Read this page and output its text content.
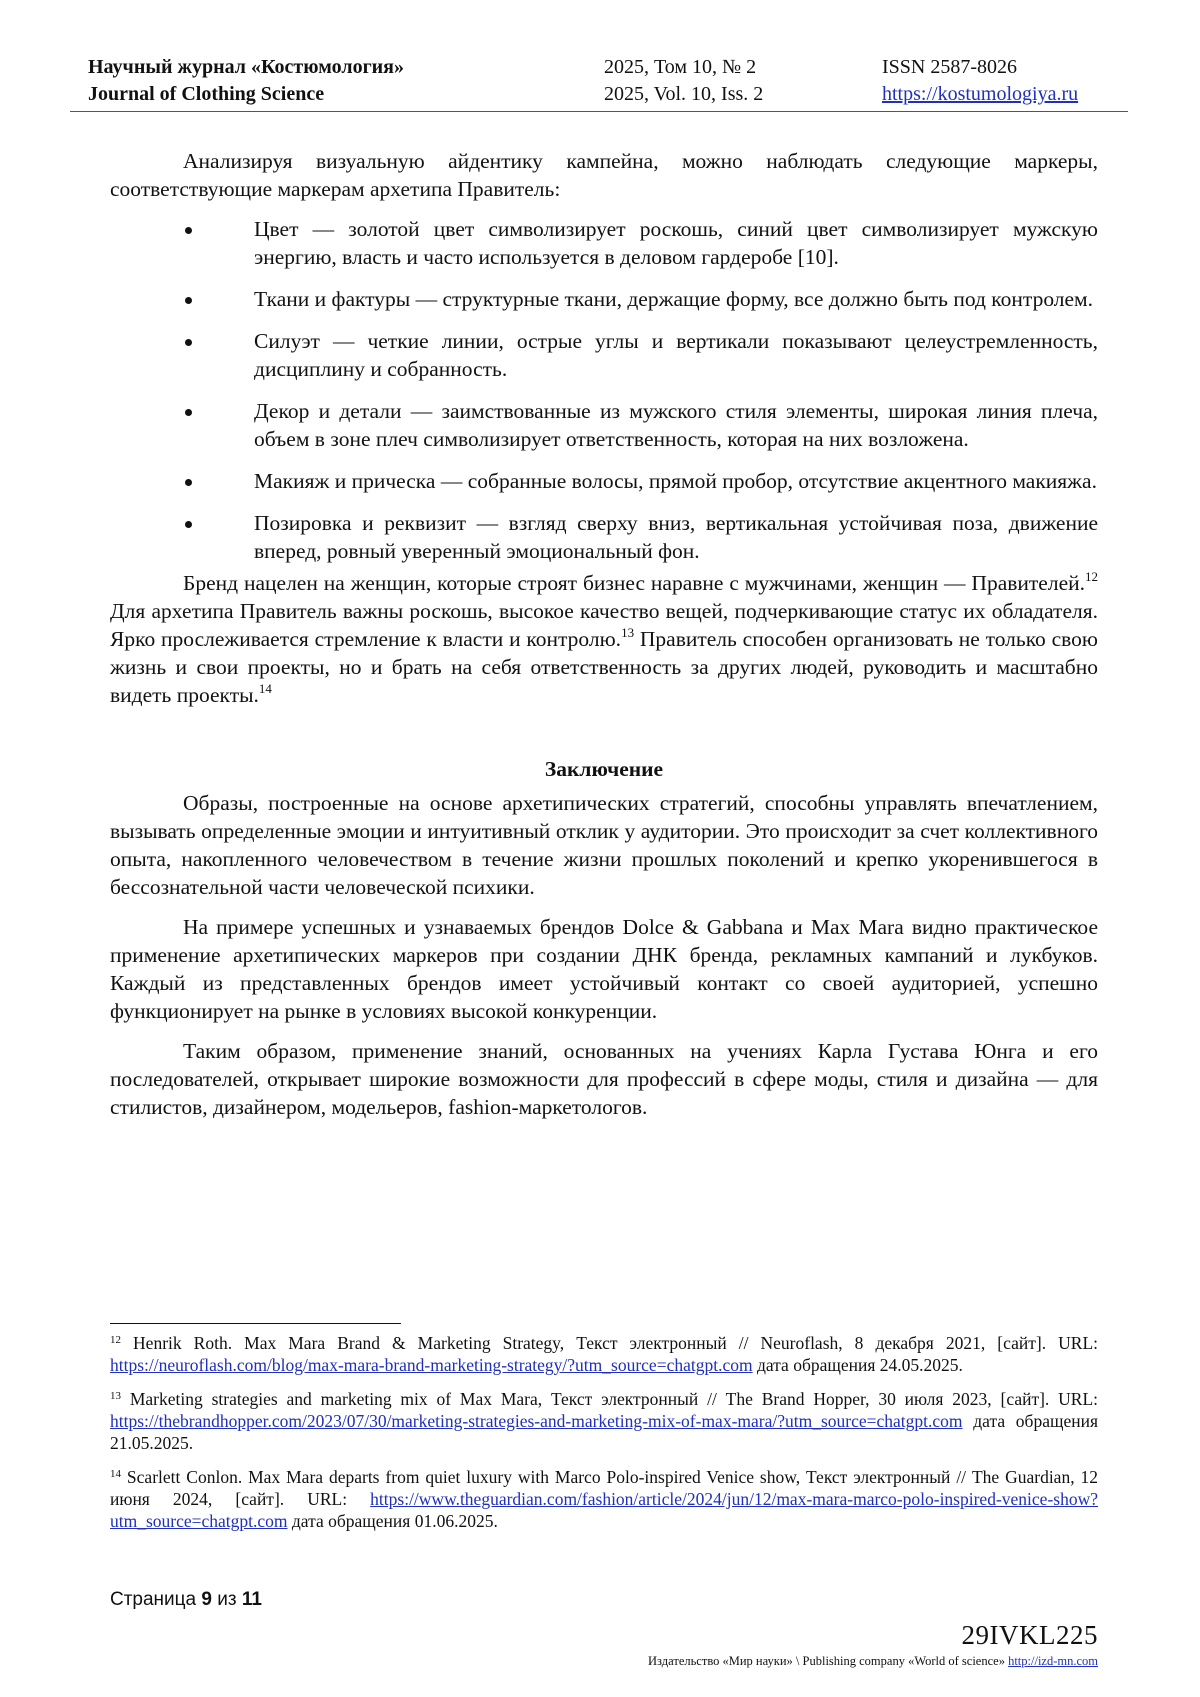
Научный журнал «Костюмология»
Journal of Clothing Science
2025, Том 10, № 2
2025, Vol. 10, Iss. 2
ISSN 2587-8026
https://kostumologiya.ru

Анализируя визуальную айдентику кампейна, можно наблюдать следующие маркеры, соответствующие маркерам архетипа Правитель:

Цвет — золотой цвет символизирует роскошь, синий цвет символизирует мужскую энергию, власть и часто используется в деловом гардеробе [10].
Ткани и фактуры — структурные ткани, держащие форму, все должно быть под контролем.
Силуэт — четкие линии, острые углы и вертикали показывают целеустремленность, дисциплину и собранность.
Декор и детали — заимствованные из мужского стиля элементы, широкая линия плеча, объем в зоне плеч символизирует ответственность, которая на них возложена.
Макияж и прическа — собранные волосы, прямой пробор, отсутствие акцентного макияжа.
Позировка и реквизит — взгляд сверху вниз, вертикальная устойчивая поза, движение вперед, ровный уверенный эмоциональный фон.

Бренд нацелен на женщин, которые строят бизнес наравне с мужчинами, женщин — Правителей.$^{12}$ Для архетипа Правитель важны роскошь, высокое качество вещей, подчеркивающие статус их обладателя. Ярко прослеживается стремление к власти и контролю.$^{13}$ Правитель способен организовать не только свою жизнь и свои проекты, но и брать на себя ответственность за других людей, руководить и масштабно видеть проекты.$^{14}$

Заключение

Образы, построенные на основе архетипических стратегий, способны управлять впечатлением, вызывать определенные эмоции и интуитивный отклик у аудитории. Это происходит за счет коллективного опыта, накопленного человечеством в течение жизни прошлых поколений и крепко укоренившегося в бессознательной части человеческой психики.

На примере успешных и узнаваемых брендов Dolce & Gabbana и Max Mara видно практическое применение архетипических маркеров при создании ДНК бренда, рекламных кампаний и лукбуков. Каждый из представленных брендов имеет устойчивый контакт со своей аудиторией, успешно функционирует на рынке в условиях высокой конкуренции.

Таким образом, применение знаний, основанных на учениях Карла Густава Юнга и его последователей, открывает широкие возможности для профессий в сфере моды, стиля и дизайна — для стилистов, дизайнером, модельеров, fashion-маркетологов.

$^{12}$ Henrik Roth. Max Mara Brand & Marketing Strategy, Текст электронный // Neuroflash, 8 декабря 2021, [сайт]. URL: https://neuroflash.com/blog/max-mara-brand-marketing-strategy/?utm_source=chatgpt.com дата обращения 24.05.2025.

$^{13}$ Marketing strategies and marketing mix of Max Mara, Текст электронный // The Brand Hopper, 30 июля 2023, [сайт]. URL: https://thebrandhopper.com/2023/07/30/marketing-strategies-and-marketing-mix-of-max-mara/?utm_source=chatgpt.com дата обращения 21.05.2025.

$^{14}$ Scarlett Conlon. Max Mara departs from quiet luxury with Marco Polo-inspired Venice show, Текст электронный // The Guardian, 12 июня 2024, [сайт]. URL: https://www.theguardian.com/fashion/article/2024/jun/12/max-mara-marco-polo-inspired-venice-show?utm_source=chatgpt.com дата обращения 01.06.2025.

Страница 9 из 11
29IVKL225
Издательство «Мир науки» \ Publishing company «World of science» http://izd-mn.com
